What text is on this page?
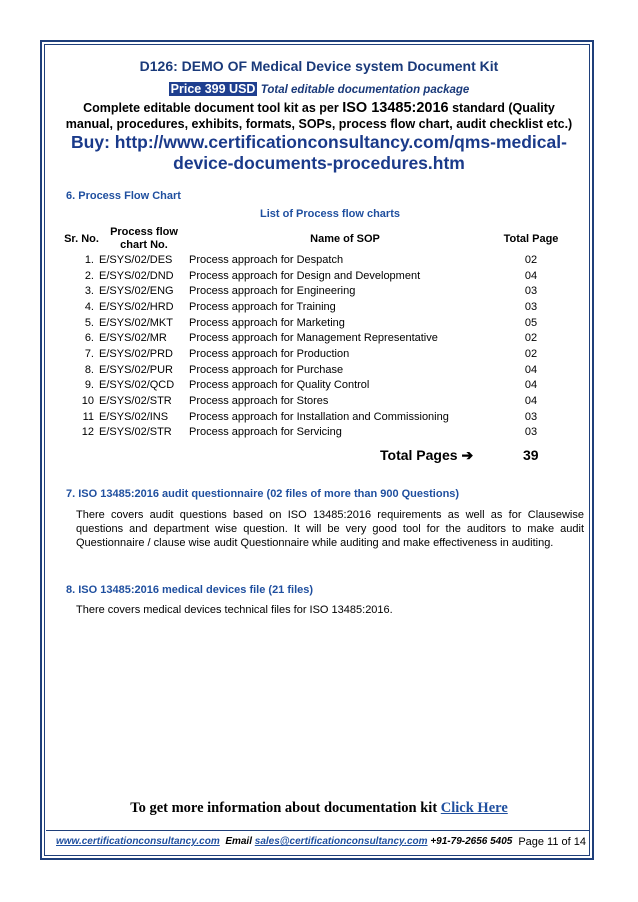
D126: DEMO OF Medical Device system Document Kit
Price 399 USD Total editable documentation package
Complete editable document tool kit as per ISO 13485:2016 standard (Quality manual, procedures, exhibits, formats, SOPs, process flow chart, audit checklist etc.)
Buy: http://www.certificationconsultancy.com/qms-medical-device-documents-procedures.htm
6. Process Flow Chart
List of Process flow charts
Sr. No.	Process flow chart No.	Name of SOP	Total Page
1.	E/SYS/02/DES	Process approach for Despatch	02
2.	E/SYS/02/DND	Process approach for Design and Development	04
3.	E/SYS/02/ENG	Process approach for Engineering	03
4.	E/SYS/02/HRD	Process approach for Training	03
5.	E/SYS/02/MKT	Process approach for Marketing	05
6.	E/SYS/02/MR	Process approach for Management Representative	02
7.	E/SYS/02/PRD	Process approach for Production	02
8.	E/SYS/02/PUR	Process approach for Purchase	04
9.	E/SYS/02/QCD	Process approach for Quality Control	04
10	E/SYS/02/STR	Process approach for Stores	04
11	E/SYS/02/INS	Process approach for Installation and Commissioning	03
12	E/SYS/02/STR	Process approach for Servicing	03
Total Pages ➔	39
7. ISO 13485:2016 audit questionnaire (02 files of more than 900 Questions)
There covers audit questions based on ISO 13485:2016 requirements as well as for Clausewise questions and department wise question. It will be very good tool for the auditors to make audit Questionnaire / clause wise audit Questionnaire while auditing and make effectiveness in auditing.
8. ISO 13485:2016 medical devices file (21 files)
There covers medical devices technical files for ISO 13485:2016.
To get more information about documentation kit Click Here
www.certificationconsultancy.com Email sales@certificationconsultancy.com +91-79-2656 5405 Page 11 of 14
